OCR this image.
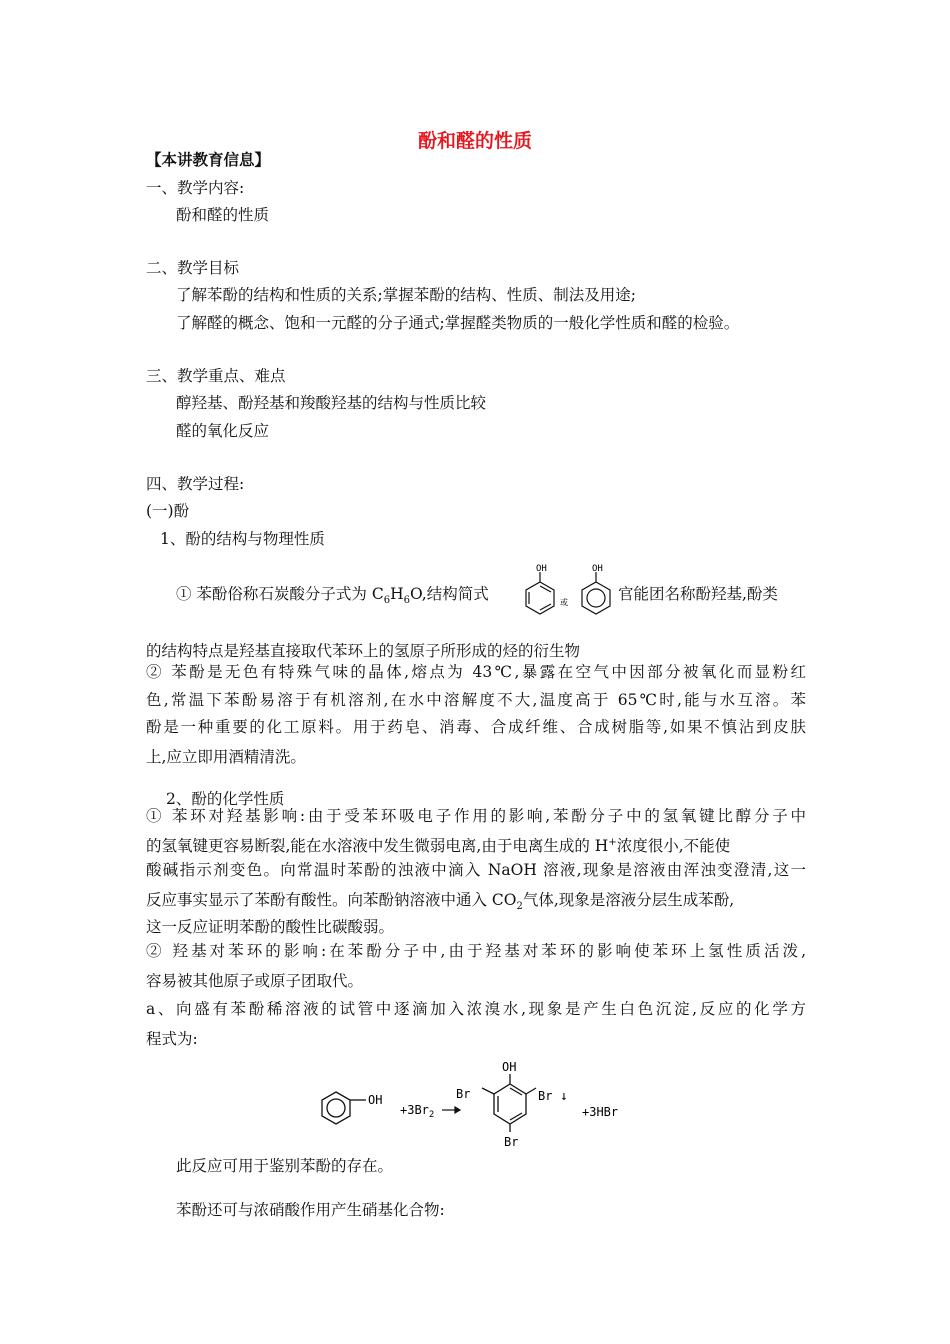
酚和醛的性质
【本讲教育信息】
一、教学内容:
酚和醛的性质
二、教学目标
了解苯酚的结构和性质的关系;掌握苯酚的结构、性质、制法及用途;
了解醛的概念、饱和一元醛的分子通式;掌握醛类物质的一般化学性质和醛的检验。
三、教学重点、难点
醇羟基、酚羟基和羧酸羟基的结构与性质比较
醛的氧化反应
四、教学过程:
(一)酚
1、酚的结构与物理性质
① 苯酚俗称石炭酸分子式为 $C_6H_6O$,结构简式
OH
或
OH
官能团名称酚羟基,酚类
的结构特点是羟基直接取代苯环上的氢原子所形成的烃的衍生物
② 苯酚是无色有特殊气味的晶体,熔点为 43℃,暴露在空气中因部分被氧化而显粉红
色,常温下苯酚易溶于有机溶剂,在水中溶解度不大,温度高于 65℃时,能与水互溶。苯
酚是一种重要的化工原料。用于药皂、消毒、合成纤维、合成树脂等,如果不慎沾到皮肤
上,应立即用酒精清洗。
2、酚的化学性质
① 苯环对羟基影响:由于受苯环吸电子作用的影响,苯酚分子中的氢氧键比醇分子中
的氢氧键更容易断裂,能在水溶液中发生微弱电离,由于电离生成的 H+浓度很小,不能使
酸碱指示剂变色。向常温时苯酚的浊液中滴入 NaOH 溶液,现象是溶液由浑浊变澄清,这一
反应事实显示了苯酚有酸性。向苯酚钠溶液中通入 $CO_2$气体,现象是溶液分层生成苯酚,
这一反应证明苯酚的酸性比碳酸弱。
② 羟基对苯环的影响:在苯酚分子中,由于羟基对苯环的影响使苯环上氢性质活泼,
容易被其他原子或原子团取代。
a、向盛有苯酚稀溶液的试管中逐滴加入浓溴水,现象是产生白色沉淀,反应的化学方
程式为:
OH
$+3Br_2$
OH
Br	Br ↓
Br
+3HBr
此反应可用于鉴别苯酚的存在。
苯酚还可与浓硝酸作用产生硝基化合物:
